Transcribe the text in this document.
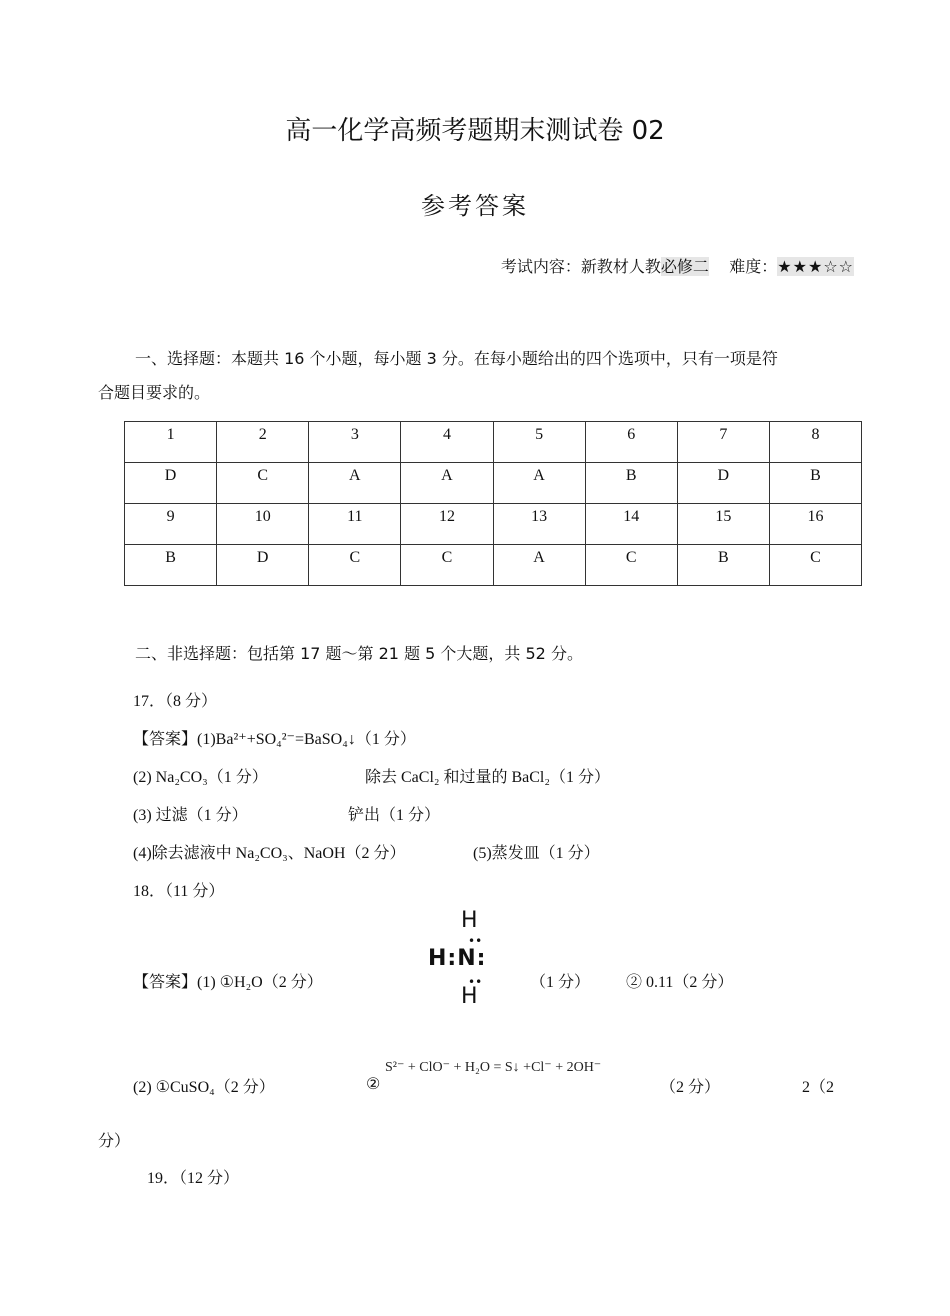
高一化学高频考题期末测试卷 02
参考答案
考试内容：新教材人教必修二 难度：★★★☆☆
一、选择题：本题共 16 个小题，每小题 3 分。在每小题给出的四个选项中，只有一项是符
合题目要求的。
1	2	3	4	5	6	7	8
D	C	A	A	A	B	D	B
9	10	11	12	13	14	15	16
B	D	C	C	A	C	B	C
二、非选择题：包括第 17 题～第 21 题 5 个大题，共 52 分。
17．（8 分）
【答案】(1)Ba²⁺+SO₄²⁻=BaSO₄↓（1 分）
(2) Na₂CO₃（1 分）	除去 CaCl₂ 和过量的 BaCl₂（1 分）
(3) 过滤（1 分）	铲出（1 分）
(4)除去滤液中 Na₂CO₃、NaOH（2 分）	(5)蒸发皿（1 分）
18．（11 分）
【答案】(1) ①H₂O（2 分）
H
H:N:
H
••
••	（1 分） ② 0.11（2 分）
(2) ①CuSO₄（2 分）	②
S²⁻ + ClO⁻ + H₂O = S↓ +Cl⁻ + 2OH⁻
（2 分）	2（2
分）
19．（12 分）
